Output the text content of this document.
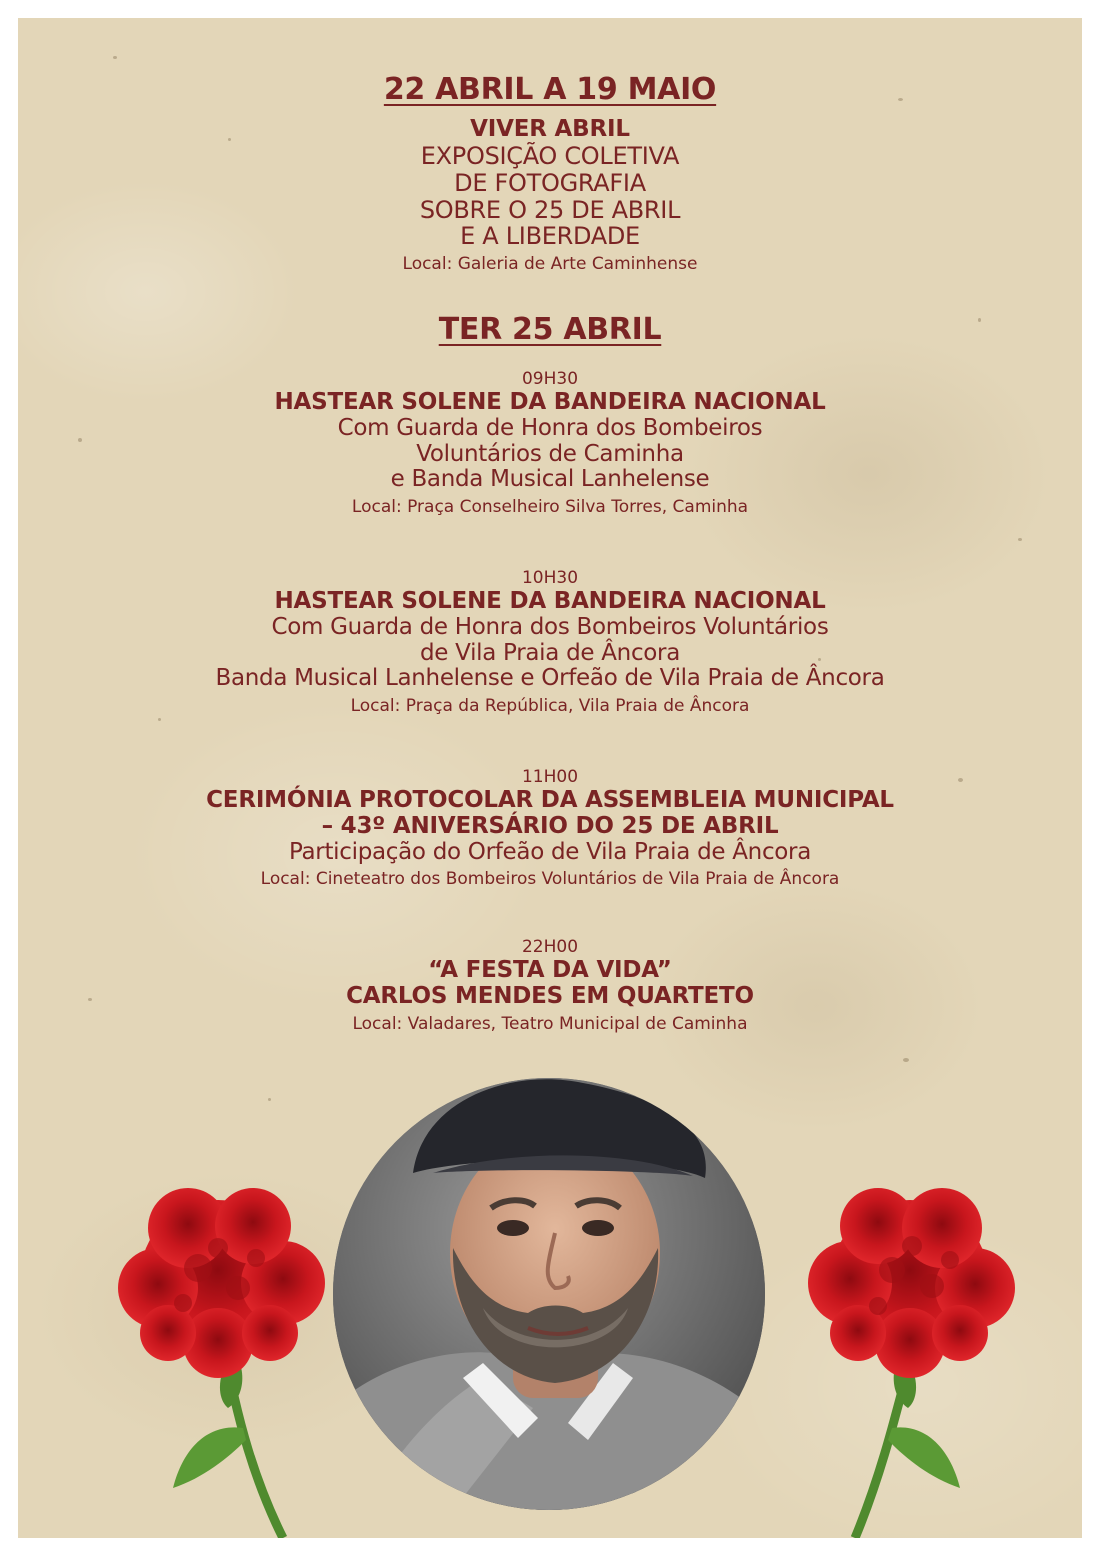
22 ABRIL A 19 MAIO
VIVER ABRIL
EXPOSIÇÃO COLETIVA
DE FOTOGRAFIA
SOBRE O 25 DE ABRIL
E A LIBERDADE
Local: Galeria de Arte Caminhense
TER 25 ABRIL
09H30
HASTEAR SOLENE DA BANDEIRA NACIONAL
Com Guarda de Honra dos Bombeiros
Voluntários de Caminha
e Banda Musical Lanhelense
Local: Praça Conselheiro Silva Torres, Caminha
10H30
HASTEAR SOLENE DA BANDEIRA NACIONAL
Com Guarda de Honra dos Bombeiros Voluntários
de Vila Praia de Âncora
Banda Musical Lanhelense e Orfeão de Vila Praia de Âncora
Local: Praça da República, Vila Praia de Âncora
11H00
CERIMÓNIA PROTOCOLAR DA ASSEMBLEIA MUNICIPAL
– 43º ANIVERSÁRIO DO 25 DE ABRIL
Participação do Orfeão de Vila Praia de Âncora
Local: Cineteatro dos Bombeiros Voluntários de Vila Praia de Âncora
22H00
“A FESTA DA VIDA”
CARLOS MENDES EM QUARTETO
Local: Valadares, Teatro Municipal de Caminha
